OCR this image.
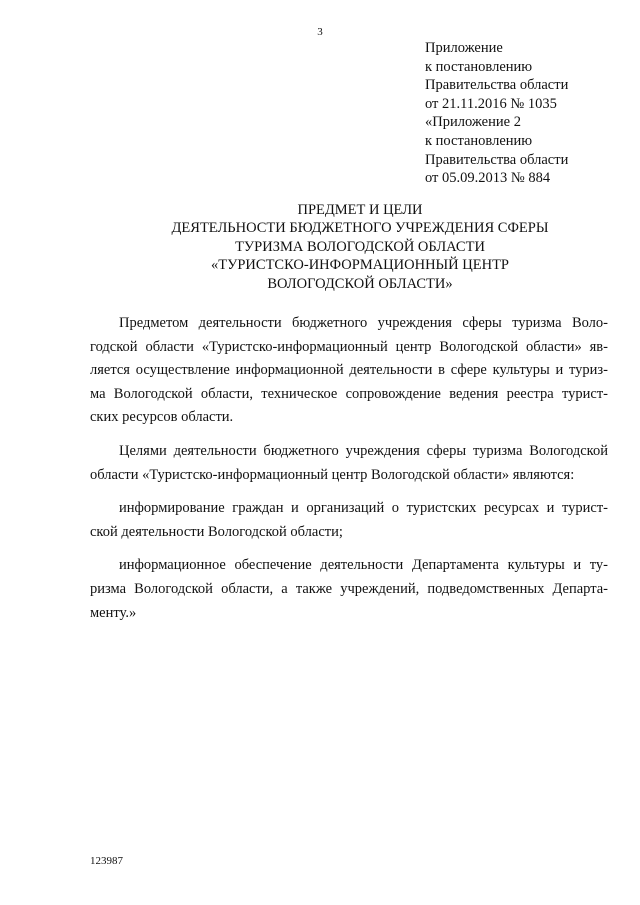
3
Приложение
к постановлению
Правительства области
от 21.11.2016 № 1035
«Приложение 2
к постановлению
Правительства области
от 05.09.2013 № 884
ПРЕДМЕТ И ЦЕЛИ
ДЕЯТЕЛЬНОСТИ БЮДЖЕТНОГО УЧРЕЖДЕНИЯ СФЕРЫ
ТУРИЗМА ВОЛОГОДСКОЙ ОБЛАСТИ
«ТУРИСТСКО-ИНФОРМАЦИОННЫЙ ЦЕНТР
ВОЛОГОДСКОЙ ОБЛАСТИ»
Предметом деятельности бюджетного учреждения сферы туризма Воло-
годской области «Туристско-информационный центр Вологодской области» яв-
ляется осуществление информационной деятельности в сфере культуры и туриз-
ма Вологодской области, техническое сопровождение ведения реестра турист-
ских ресурсов области.
Целями деятельности бюджетного учреждения сферы туризма Вологодской
области «Туристско-информационный центр Вологодской области» являются:
информирование граждан и организаций о туристских ресурсах и турист-
ской деятельности Вологодской области;
информационное обеспечение деятельности Департамента культуры и ту-
ризма Вологодской области, а также учреждений, подведомственных Департа-
менту.»
123987
